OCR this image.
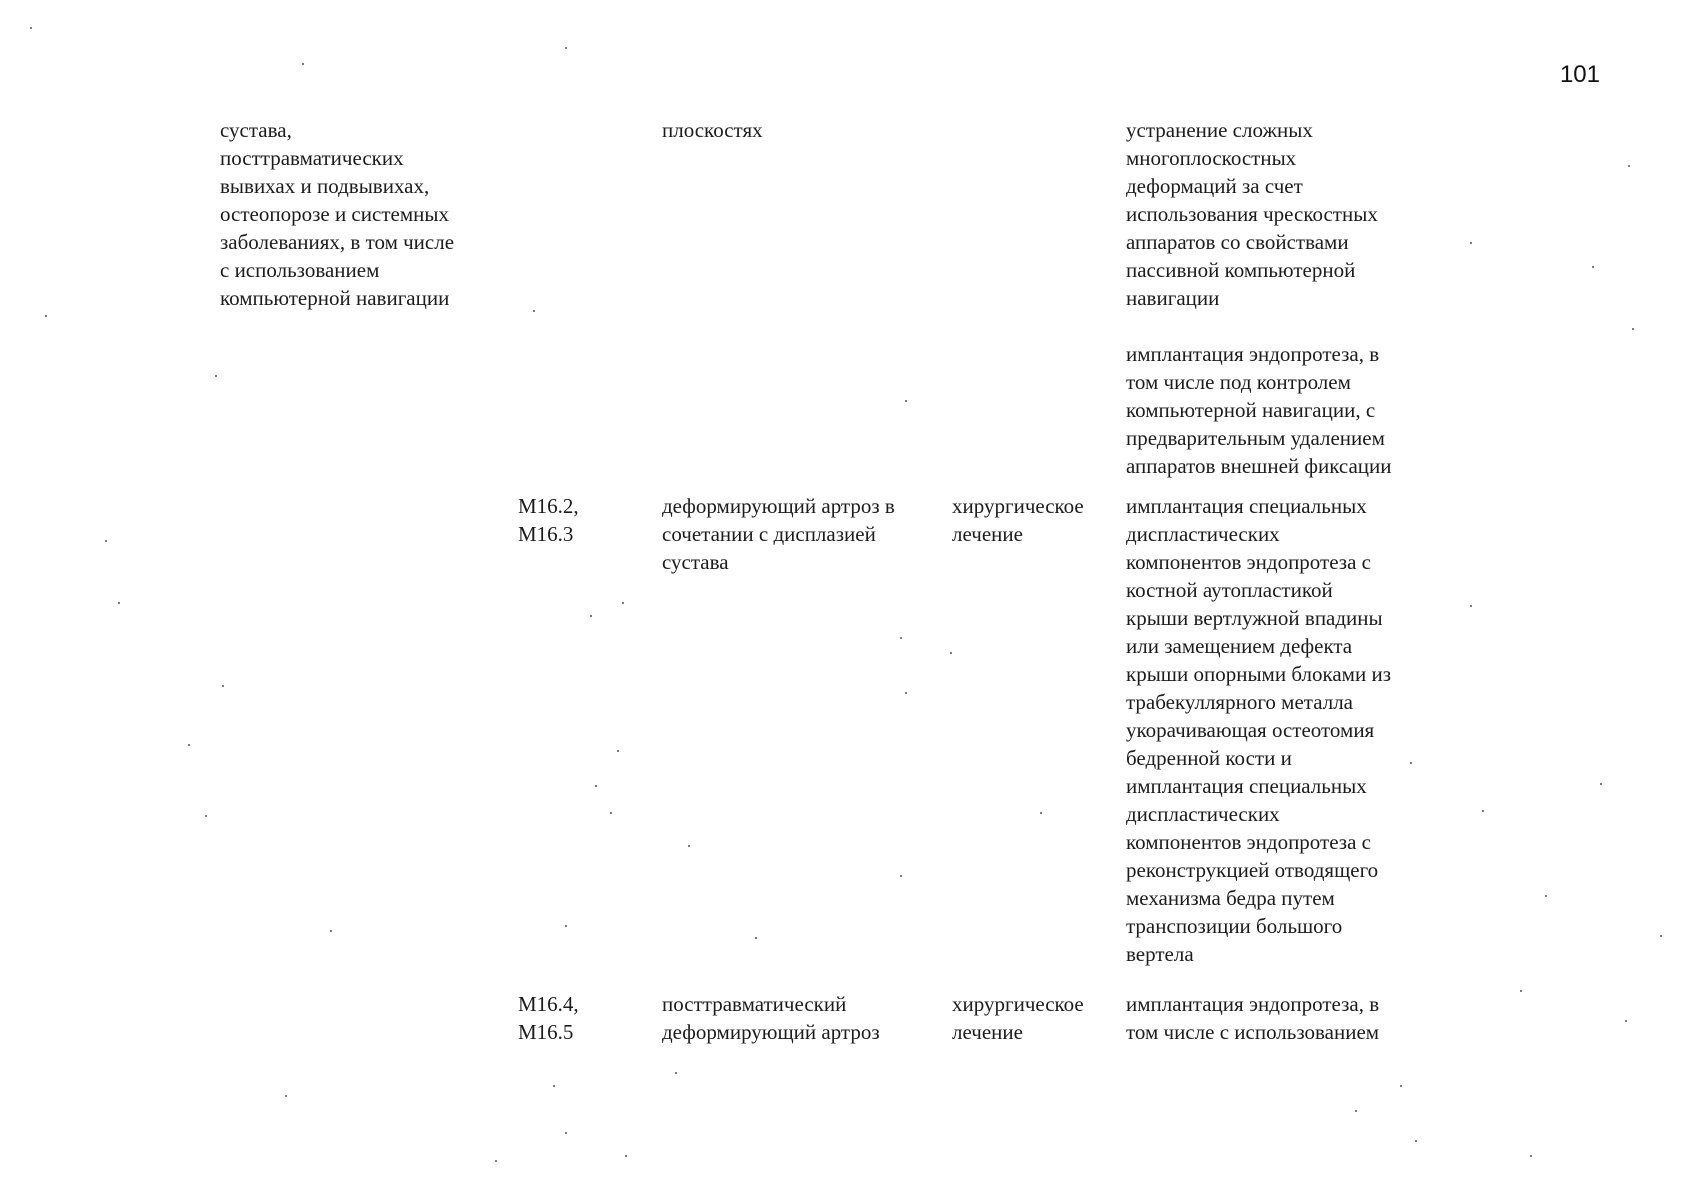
101
сустава,
посттравматических
вывихах и подвывихах,
остеопорозе и системных
заболеваниях, в том числе
с использованием
компьютерной навигации
плоскостях	устранение сложных
многоплоскостных
деформаций за счет
использования чрескостных
аппаратов со свойствами
пассивной компьютерной
навигации
имплантация эндопротеза, в
том числе под контролем
компьютерной навигации, с
предварительным удалением
аппаратов внешней фиксации
M16.2,
M16.3
деформирующий артроз в
сочетании с дисплазией
сустава
хирургическое
лечение
имплантация специальных
диспластических
компонентов эндопротеза с
костной аутопластикой
крыши вертлужной впадины
или замещением дефекта
крыши опорными блоками из
трабекуллярного металла
укорачивающая остеотомия
бедренной кости и
имплантация специальных
диспластических
компонентов эндопротеза с
реконструкцией отводящего
механизма бедра путем
транспозиции большого
вертела
M16.4,
M16.5
посттравматический
деформирующий артроз
хирургическое
лечение
имплантация эндопротеза, в
том числе с использованием
